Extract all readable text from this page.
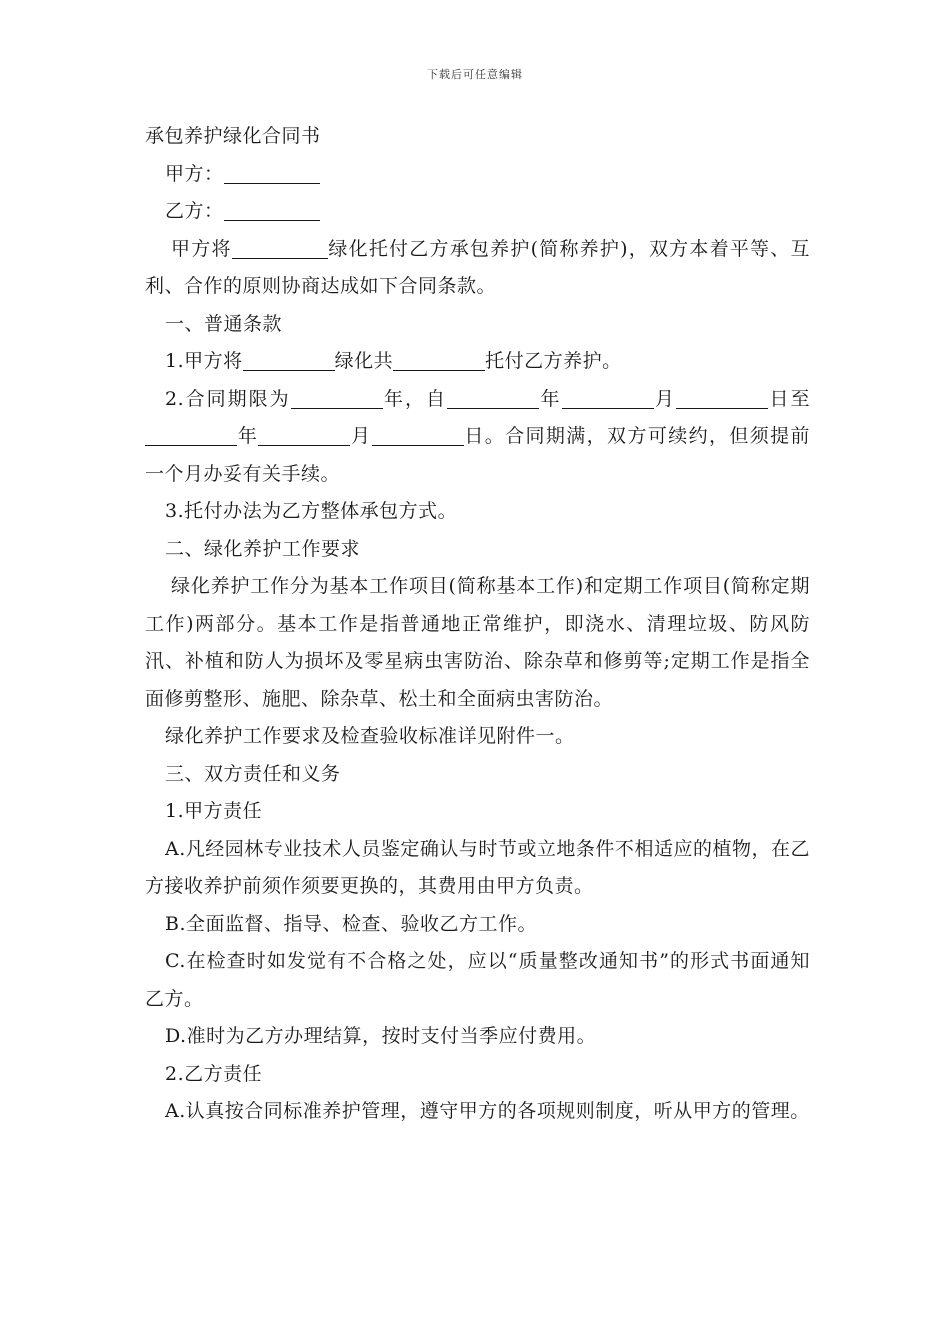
下载后可任意编辑

承包养护绿化合同书

甲方：

乙方：

甲方将	绿化托付乙方承包养护(简称养护)，双方本着平等、互利、合作的原则协商达成如下合同条款。

一、普通条款

1.甲方将	绿化共	托付乙方养护。

2.合同期限为	年，自	年	月	日至年	月	日。合同期满，双方可续约，但须提前一个月办妥有关手续。

3.托付办法为乙方整体承包方式。

二、绿化养护工作要求

绿化养护工作分为基本工作项目(简称基本工作)和定期工作项目(简称定期工作)两部分。基本工作是指普通地正常维护，即浇水、清理垃圾、防风防汛、补植和防人为损坏及零星病虫害防治、除杂草和修剪等;定期工作是指全面修剪整形、施肥、除杂草、松土和全面病虫害防治。

绿化养护工作要求及检查验收标准详见附件一。

三、双方责任和义务

1.甲方责任

A.凡经园林专业技术人员鉴定确认与时节或立地条件不相适应的植物，在乙方接收养护前须作须要更换的，其费用由甲方负责。

B.全面监督、指导、检查、验收乙方工作。

C.在检查时如发觉有不合格之处，应以“质量整改通知书”的形式书面通知乙方。

D.准时为乙方办理结算，按时支付当季应付费用。

2.乙方责任

A.认真按合同标准养护管理，遵守甲方的各项规则制度，听从甲方的管理。
